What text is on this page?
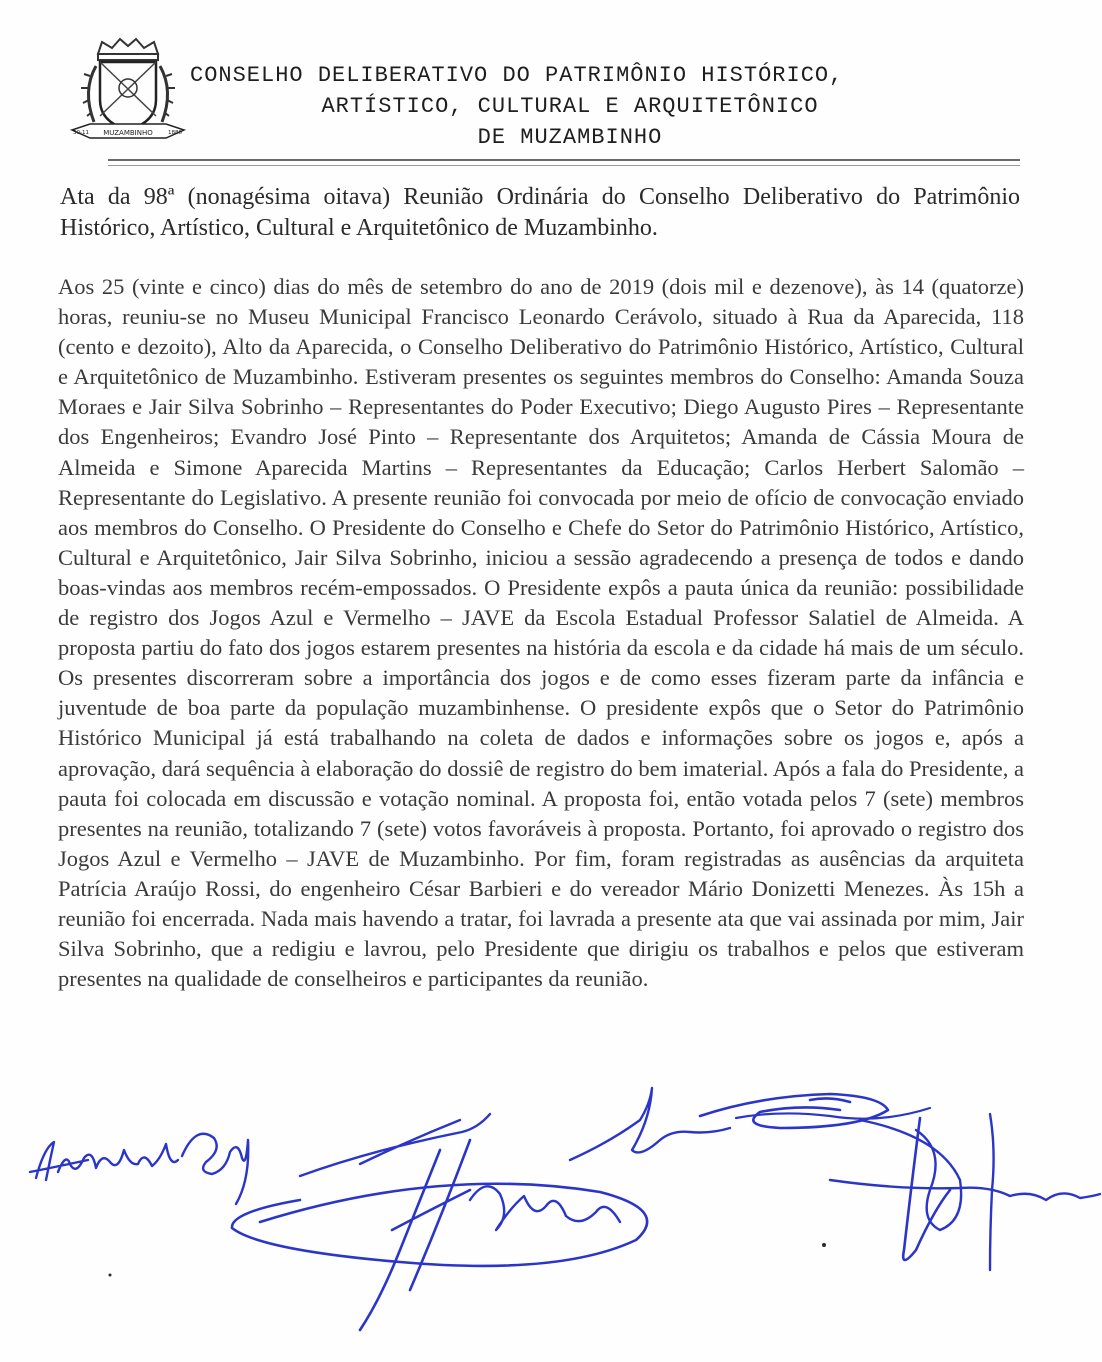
MUZAMBINHO
30-11	1880
CONSELHO DELIBERATIVO DO PATRIMÔNIO HISTÓRICO,
ARTÍSTICO, CULTURAL E ARQUITETÔNICO
DE MUZAMBINHO
Ata da 98ª (nonagésima oitava) Reunião Ordinária do Conselho Deliberativo do Patrimônio Histórico, Artístico, Cultural e Arquitetônico de Muzambinho.
Aos 25 (vinte e cinco) dias do mês de setembro do ano de 2019 (dois mil e dezenove), às 14 (quatorze) horas, reuniu-se no Museu Municipal Francisco Leonardo Cerávolo, situado à Rua da Aparecida, 118 (cento e dezoito), Alto da Aparecida, o Conselho Deliberativo do Patrimônio Histórico, Artístico, Cultural e Arquitetônico de Muzambinho. Estiveram presentes os seguintes membros do Conselho: Amanda Souza Moraes e Jair Silva Sobrinho – Representantes do Poder Executivo; Diego Augusto Pires – Representante dos Engenheiros; Evandro José Pinto – Representante dos Arquitetos; Amanda de Cássia Moura de Almeida e Simone Aparecida Martins – Representantes da Educação; Carlos Herbert Salomão – Representante do Legislativo. A presente reunião foi convocada por meio de ofício de convocação enviado aos membros do Conselho. O Presidente do Conselho e Chefe do Setor do Patrimônio Histórico, Artístico, Cultural e Arquitetônico, Jair Silva Sobrinho, iniciou a sessão agradecendo a presença de todos e dando boas-vindas aos membros recém-empossados. O Presidente expôs a pauta única da reunião: possibilidade de registro dos Jogos Azul e Vermelho – JAVE da Escola Estadual Professor Salatiel de Almeida. A proposta partiu do fato dos jogos estarem presentes na história da escola e da cidade há mais de um século. Os presentes discorreram sobre a importância dos jogos e de como esses fizeram parte da infância e juventude de boa parte da população muzambinhense. O presidente expôs que o Setor do Patrimônio Histórico Municipal já está trabalhando na coleta de dados e informações sobre os jogos e, após a aprovação, dará sequência à elaboração do dossiê de registro do bem imaterial. Após a fala do Presidente, a pauta foi colocada em discussão e votação nominal. A proposta foi, então votada pelos 7 (sete) membros presentes na reunião, totalizando 7 (sete) votos favoráveis à proposta. Portanto, foi aprovado o registro dos Jogos Azul e Vermelho – JAVE de Muzambinho. Por fim, foram registradas as ausências da arquiteta Patrícia Araújo Rossi, do engenheiro César Barbieri e do vereador Mário Donizetti Menezes. Às 15h a reunião foi encerrada. Nada mais havendo a tratar, foi lavrada a presente ata que vai assinada por mim, Jair Silva Sobrinho, que a redigiu e lavrou, pelo Presidente que dirigiu os trabalhos e pelos que estiveram presentes na qualidade de conselheiros e participantes da reunião.
